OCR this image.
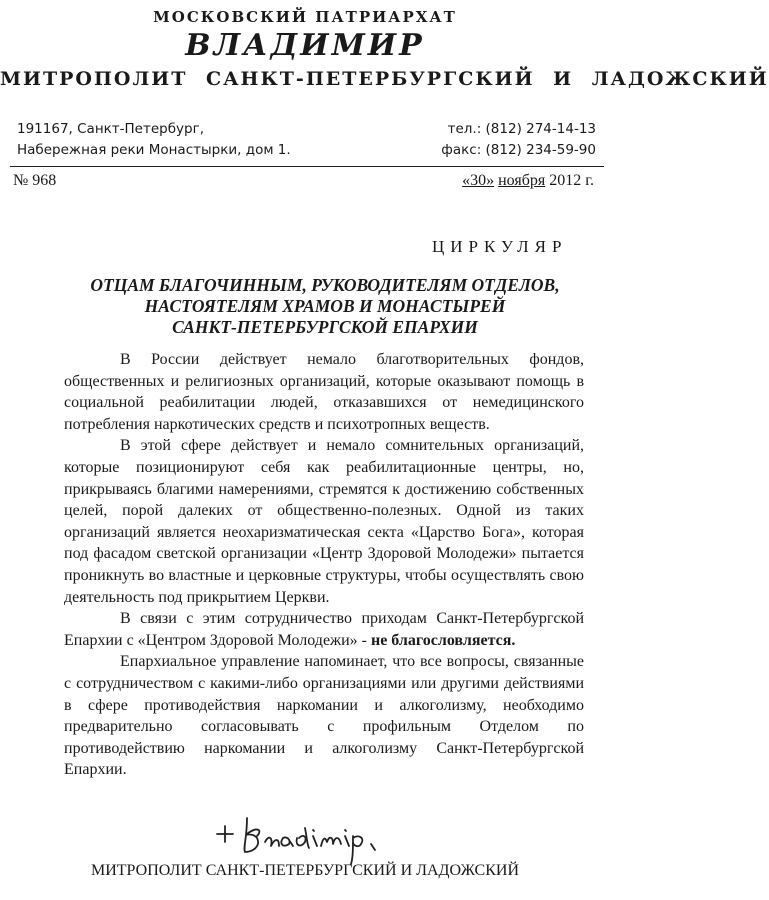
МОСКОВСКИЙ ПАТРИАРХАТ
ВЛАДИМИР
МИТРОПОЛИТ САНКТ-ПЕТЕРБУРГСКИЙ И ЛАДОЖСКИЙ
191167, Санкт-Петербург,
Набережная реки Монастырки, дом 1.
тел.: (812) 274-14-13
факс: (812) 234-59-90
№ 968	«30» ноября 2012 г.
ЦИРКУЛЯР
ОТЦАМ БЛАГОЧИННЫМ, РУКОВОДИТЕЛЯМ ОТДЕЛОВ,
НАСТОЯТЕЛЯМ ХРАМОВ И МОНАСТЫРЕЙ
САНКТ-ПЕТЕРБУРГСКОЙ ЕПАРХИИ

В России действует немало благотворительных фондов, общественных и религиозных организаций, которые оказывают помощь в социальной реабилитации людей, отказавшихся от немедицинского потребления наркотических средств и психотропных веществ.

В этой сфере действует и немало сомнительных организаций, которые позиционируют себя как реабилитационные центры, но, прикрываясь благими намерениями, стремятся к достижению собственных целей, порой далеких от общественно-полезных. Одной из таких организаций является неохаризматическая секта «Царство Бога», которая под фасадом светской организации «Центр Здоровой Молодежи» пытается проникнуть во властные и церковные структуры, чтобы осуществлять свою деятельность под прикрытием Церкви.

В связи с этим сотрудничество приходам Санкт-Петербургской Епархии с «Центром Здоровой Молодежи» - не благословляется.

Епархиальное управление напоминает, что все вопросы, связанные с сотрудничеством с какими-либо организациями или другими действиями в сфере противодействия наркомании и алкоголизму, необходимо предварительно согласовывать с профильным Отделом по противодействию наркомании и алкоголизму Санкт-Петербургской Епархии.

МИТРОПОЛИТ САНКТ-ПЕТЕРБУРГСКИЙ И ЛАДОЖСКИЙ
